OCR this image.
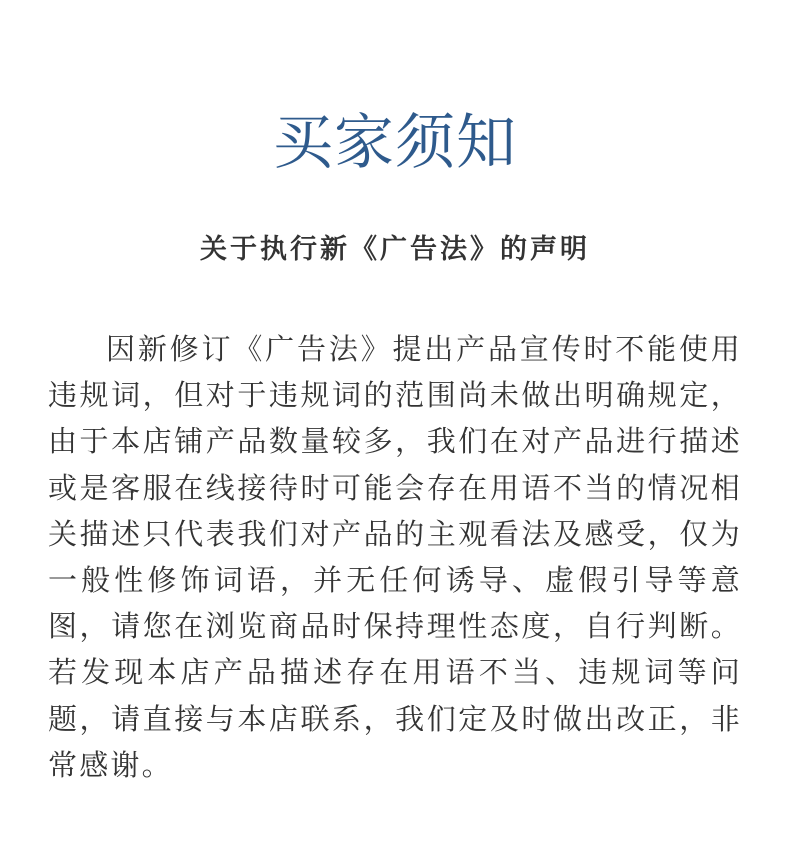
买家须知
关于执行新《广告法》的声明

因新修订《广告法》提出产品宣传时不能使用违规词，但对于违规词的范围尚未做出明确规定，由于本店铺产品数量较多，我们在对产品进行描述或是客服在线接待时可能会存在用语不当的情况相关描述只代表我们对产品的主观看法及感受，仅为一般性修饰词语，并无任何诱导、虚假引导等意图，请您在浏览商品时保持理性态度，自行判断。若发现本店产品描述存在用语不当、违规词等问题，请直接与本店联系，我们定及时做出改正，非常感谢。
